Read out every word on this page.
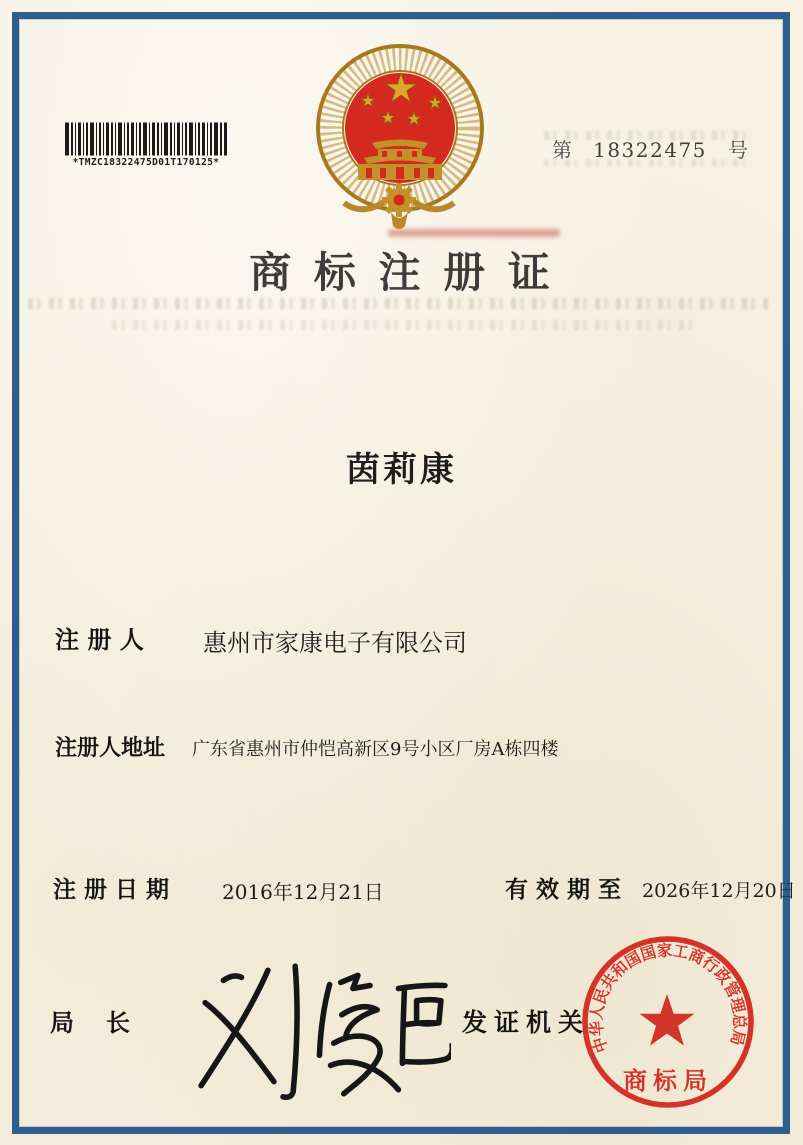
*TMZC18322475D01T170125*
第 18322475 号
商 标 注 册 证
茵莉康
注 册 人 惠州市家康电子有限公司
注册人地址 广东省惠州市仲恺高新区9号小区厂房A栋四楼
注 册 日 期	2016年12月21日	有 效 期 至 2026年12月20日
局 长	发证机关
中华人民共和国国家工商行政管理总局
商标局
